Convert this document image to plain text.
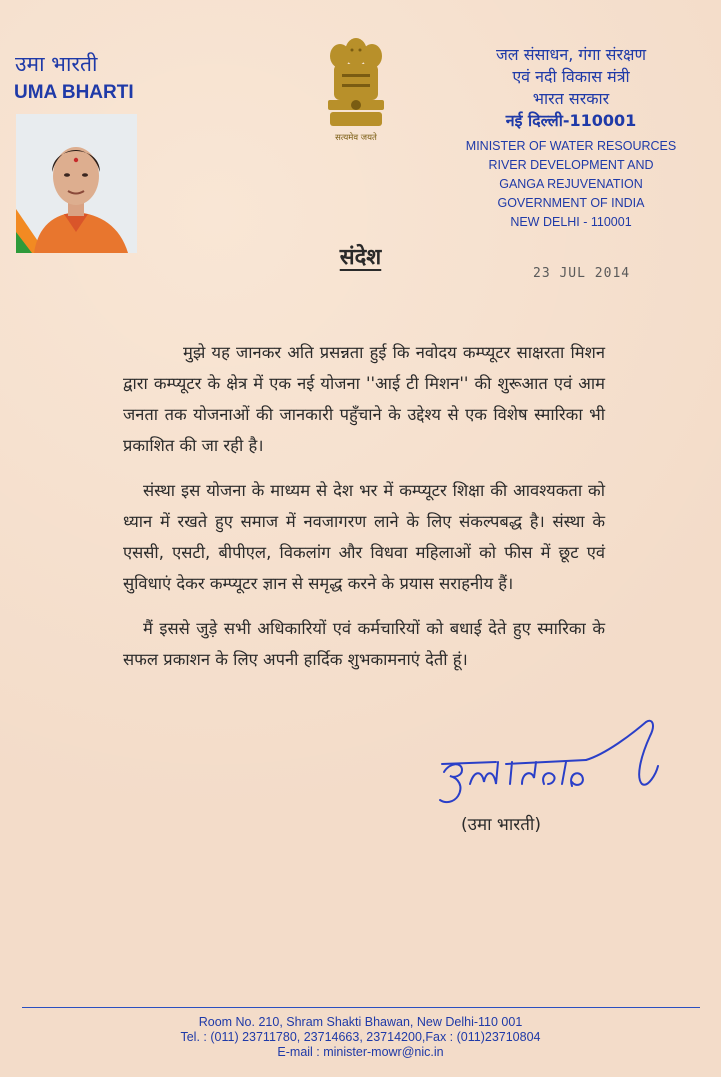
उमा भारती
UMA BHARTI
सत्यमेव जयते
जल संसाधन, गंगा संरक्षण
एवं नदी विकास मंत्री
भारत सरकार
नई दिल्ली-110001
MINISTER OF WATER RESOURCES
RIVER DEVELOPMENT AND
GANGA REJUVENATION
GOVERNMENT OF INDIA
NEW DELHI - 110001
संदेश
23 JUL 2014

मुझे यह जानकर अति प्रसन्नता हुई कि नवोदय कम्प्यूटर साक्षरता मिशन द्वारा कम्प्यूटर के क्षेत्र में एक नई योजना ''आई टी मिशन'' की शुरूआत एवं आम जनता तक योजनाओं की जानकारी पहुँचाने के उद्देश्य से एक विशेष स्मारिका भी प्रकाशित की जा रही है।

संस्था इस योजना के माध्यम से देश भर में कम्प्यूटर शिक्षा की आवश्यकता को ध्यान में रखते हुए समाज में नवजागरण लाने के लिए संकल्पबद्ध है। संस्था के एससी, एसटी, बीपीएल, विकलांग और विधवा महिलाओं को फीस में छूट एवं सुविधाएं देकर कम्प्यूटर ज्ञान से समृद्ध करने के प्रयास सराहनीय हैं।

मैं इससे जुड़े सभी अधिकारियों एवं कर्मचारियों को बधाई देते हुए स्मारिका के सफल प्रकाशन के लिए अपनी हार्दिक शुभकामनाएं देती हूं।

(उमा भारती)
Room No. 210, Shram Shakti Bhawan, New Delhi-110 001
Tel. : (011) 23711780, 23714663, 23714200,Fax : (011)23710804
E-mail : minister-mowr@nic.in
